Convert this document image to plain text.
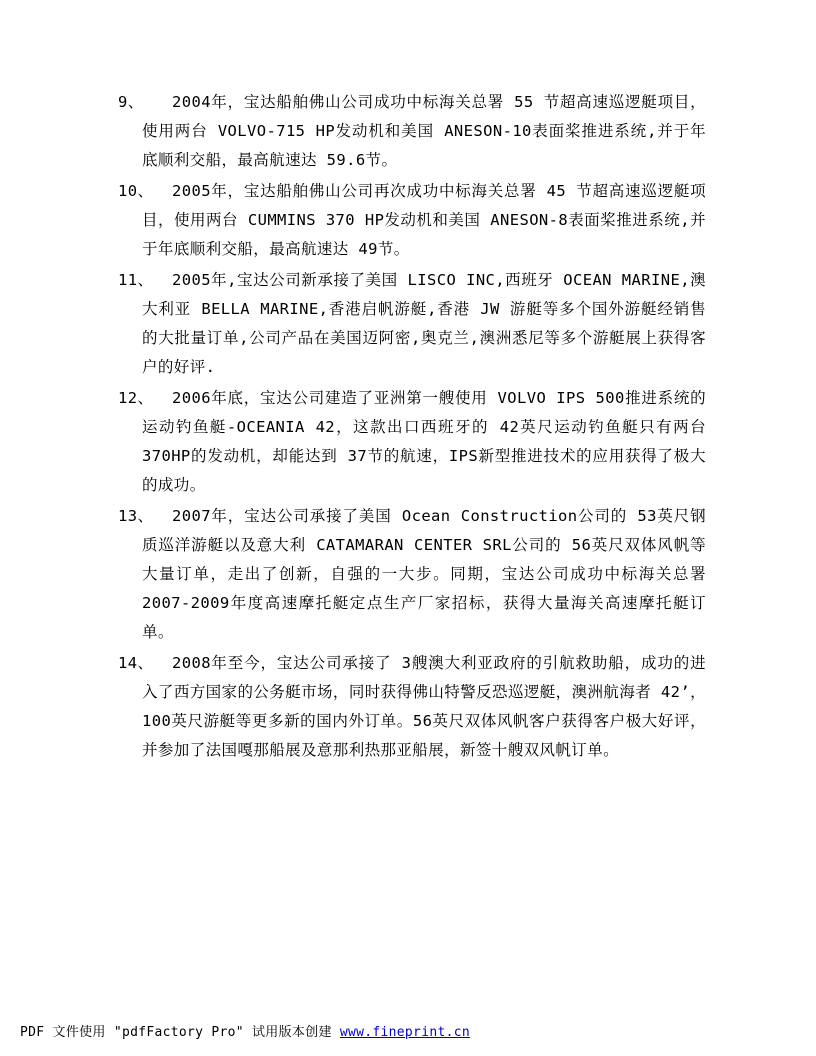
9、	2004年，宝达船舶佛山公司成功中标海关总署 55 节超高速巡逻艇项目，使用两台 VOLVO-715 HP发动机和美国 ANESON-10表面桨推进系统,并于年底顺利交船，最高航速达 59.6节。
10、	2005年，宝达船舶佛山公司再次成功中标海关总署 45 节超高速巡逻艇项目，使用两台 CUMMINS 370 HP发动机和美国 ANESON-8表面桨推进系统,并于年底顺利交船，最高航速达 49节。
11、	2005年,宝达公司新承接了美国 LISCO INC,西班牙 OCEAN MARINE,澳大利亚 BELLA MARINE,香港启帆游艇,香港 JW 游艇等多个国外游艇经销售的大批量订单,公司产品在美国迈阿密,奥克兰,澳洲悉尼等多个游艇展上获得客户的好评.
12、	2006年底，宝达公司建造了亚洲第一艘使用 VOLVO IPS 500推进系统的运动钓鱼艇-OCEANIA 42，这款出口西班牙的 42英尺运动钓鱼艇只有两台 370HP的发动机，却能达到 37节的航速，IPS新型推进技术的应用获得了极大的成功。
13、	2007年，宝达公司承接了美国 Ocean Construction公司的 53英尺钢质巡洋游艇以及意大利 CATAMARAN CENTER SRL公司的 56英尺双体风帆等大量订单，走出了创新，自强的一大步。同期，宝达公司成功中标海关总署 2007-2009年度高速摩托艇定点生产厂家招标，获得大量海关高速摩托艇订单。
14、	2008年至今，宝达公司承接了 3艘澳大利亚政府的引航救助船，成功的进入了西方国家的公务艇市场，同时获得佛山特警反恐巡逻艇，澳洲航海者 42’，100英尺游艇等更多新的国内外订单。56英尺双体风帆客户获得客户极大好评，并参加了法国嘎那船展及意那利热那亚船展，新签十艘双风帆订单。
PDF 文件使用 "pdfFactory Pro" 试用版本创建 www.fineprint.cn
